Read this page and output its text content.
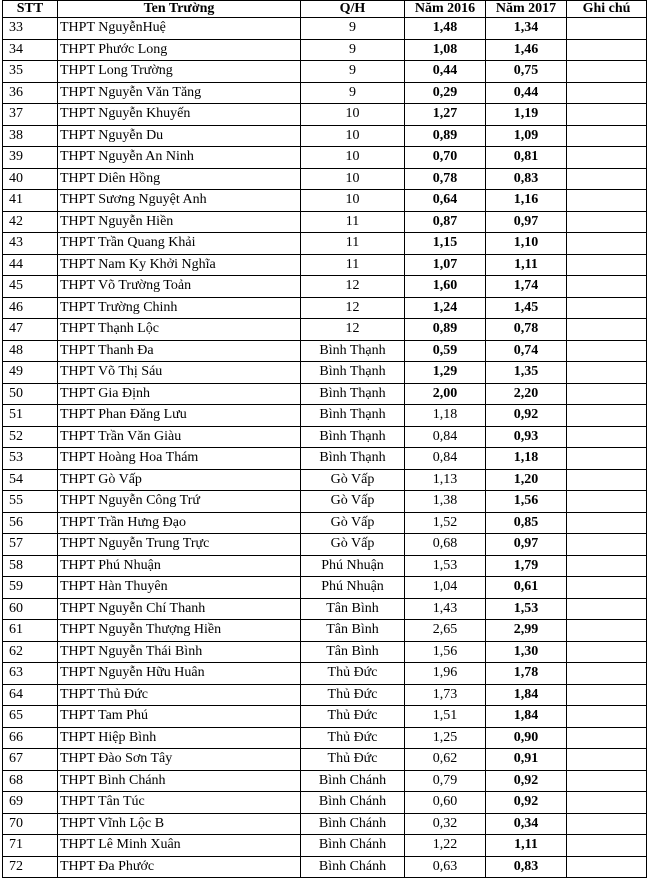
STT	Ten Trường	Q/H	Năm 2016	Năm 2017	Ghi chú
33	THPT NguyễnHuệ	9	1,48	1,34	
34	THPT Phước Long	9	1,08	1,46	
35	THPT Long Trường	9	0,44	0,75	
36	THPT Nguyễn Văn Tăng	9	0,29	0,44	
37	THPT Nguyễn Khuyến	10	1,27	1,19	
38	THPT Nguyễn Du	10	0,89	1,09	
39	THPT Nguyễn An Ninh	10	0,70	0,81	
40	THPT Diên Hồng	10	0,78	0,83	
41	THPT Sương Nguyệt Anh	10	0,64	1,16	
42	THPT Nguyễn Hiền	11	0,87	0,97	
43	THPT Trần Quang Khải	11	1,15	1,10	
44	THPT Nam Ky Khởi Nghĩa	11	1,07	1,11	
45	THPT Võ Trường Toản	12	1,60	1,74	
46	THPT Trường Chinh	12	1,24	1,45	
47	THPT Thạnh Lộc	12	0,89	0,78	
48	THPT Thanh Đa	Bình Thạnh	0,59	0,74	
49	THPT Võ Thị Sáu	Bình Thạnh	1,29	1,35	
50	THPT Gia Định	Bình Thạnh	2,00	2,20	
51	THPT Phan Đăng Lưu	Bình Thạnh	1,18	0,92	
52	THPT Trần Văn Giàu	Bình Thạnh	0,84	0,93	
53	THPT Hoàng Hoa Thám	Bình Thạnh	0,84	1,18	
54	THPT Gò Vấp	Gò Vấp	1,13	1,20	
55	THPT Nguyễn Công Trứ	Gò Vấp	1,38	1,56	
56	THPT Trần Hưng Đạo	Gò Vấp	1,52	0,85	
57	THPT Nguyễn Trung Trực	Gò Vấp	0,68	0,97	
58	THPT Phú Nhuận	Phú Nhuận	1,53	1,79	
59	THPT Hàn Thuyên	Phú Nhuận	1,04	0,61	
60	THPT Nguyễn Chí Thanh	Tân Bình	1,43	1,53	
61	THPT Nguyễn Thượng Hiền	Tân Bình	2,65	2,99	
62	THPT Nguyễn Thái Bình	Tân Bình	1,56	1,30	
63	THPT Nguyễn Hữu Huân	Thủ Đức	1,96	1,78	
64	THPT Thủ Đức	Thủ Đức	1,73	1,84	
65	THPT Tam Phú	Thủ Đức	1,51	1,84	
66	THPT Hiệp Bình	Thủ Đức	1,25	0,90	
67	THPT Đào Sơn Tây	Thủ Đức	0,62	0,91	
68	THPT Bình Chánh	Bình Chánh	0,79	0,92	
69	THPT Tân Túc	Bình Chánh	0,60	0,92	
70	THPT Vĩnh Lộc B	Bình Chánh	0,32	0,34	
71	THPT Lê Minh Xuân	Bình Chánh	1,22	1,11	
72	THPT Đa Phước	Bình Chánh	0,63	0,83	
